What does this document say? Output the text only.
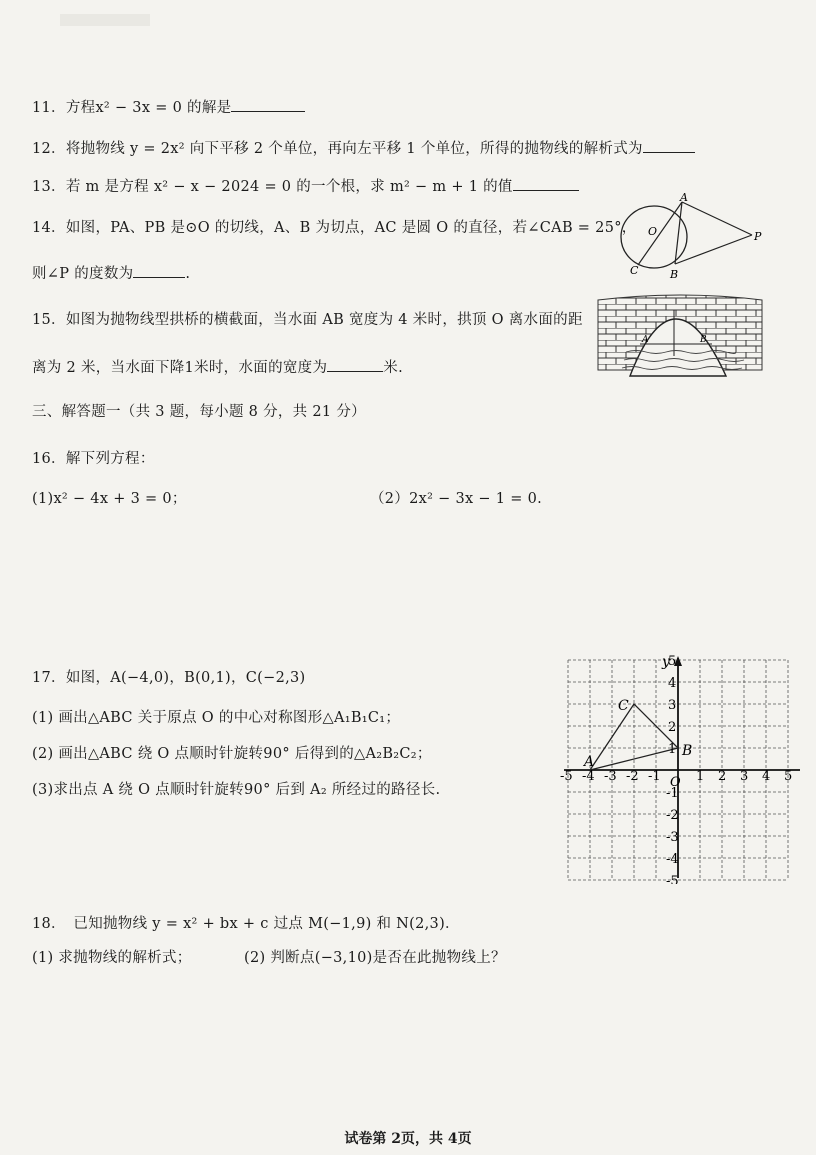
11．方程x² − 3x = 0 的解是
12．将抛物线 y = 2x² 向下平移 2 个单位，再向左平移 1 个单位，所得的抛物线的解析式为
13．若 m 是方程 x² − x − 2024 = 0 的一个根，求 m² − m + 1 的值
14．如图，PA、PB 是⊙O 的切线，A、B 为切点，AC 是圆 O 的直径，若∠CAB = 25°，
则∠P 的度数为	.
A
B
C
O	P
15．如图为抛物线型拱桥的横截面，当水面 AB 宽度为 4 米时，拱顶 O 离水面的距
离为 2 米，当水面下降1米时，水面的宽度为	米.
A	B
三、解答题一（共 3 题，每小题 8 分，共 21 分）
16．解下列方程：
(1)x² − 4x + 3 = 0；	（2）2x² − 3x − 1 = 0.
17．如图，A(−4,0)，B(0,1)，C(−2,3)
(1) 画出△ABC 关于原点 O 的中心对称图形△A₁B₁C₁；
(2) 画出△ABC 绕 O 点顺时针旋转90° 后得到的△A₂B₂C₂；
(3)求出点 A 绕 O 点顺时针旋转90° 后到 A₂ 所经过的路径长.
y
O
-5 -4 -3 -2 -1	1 2 3 4 5
5
4
3
2
1
-1
-2
-3
-4
-5
A
B
C
18．　已知抛物线 y = x² + bx + c 过点 M(−1,9) 和 N(2,3)．
(1) 求抛物线的解析式；	(2) 判断点(−3,10)是否在此抛物线上？
试卷第 2页，共 4页
